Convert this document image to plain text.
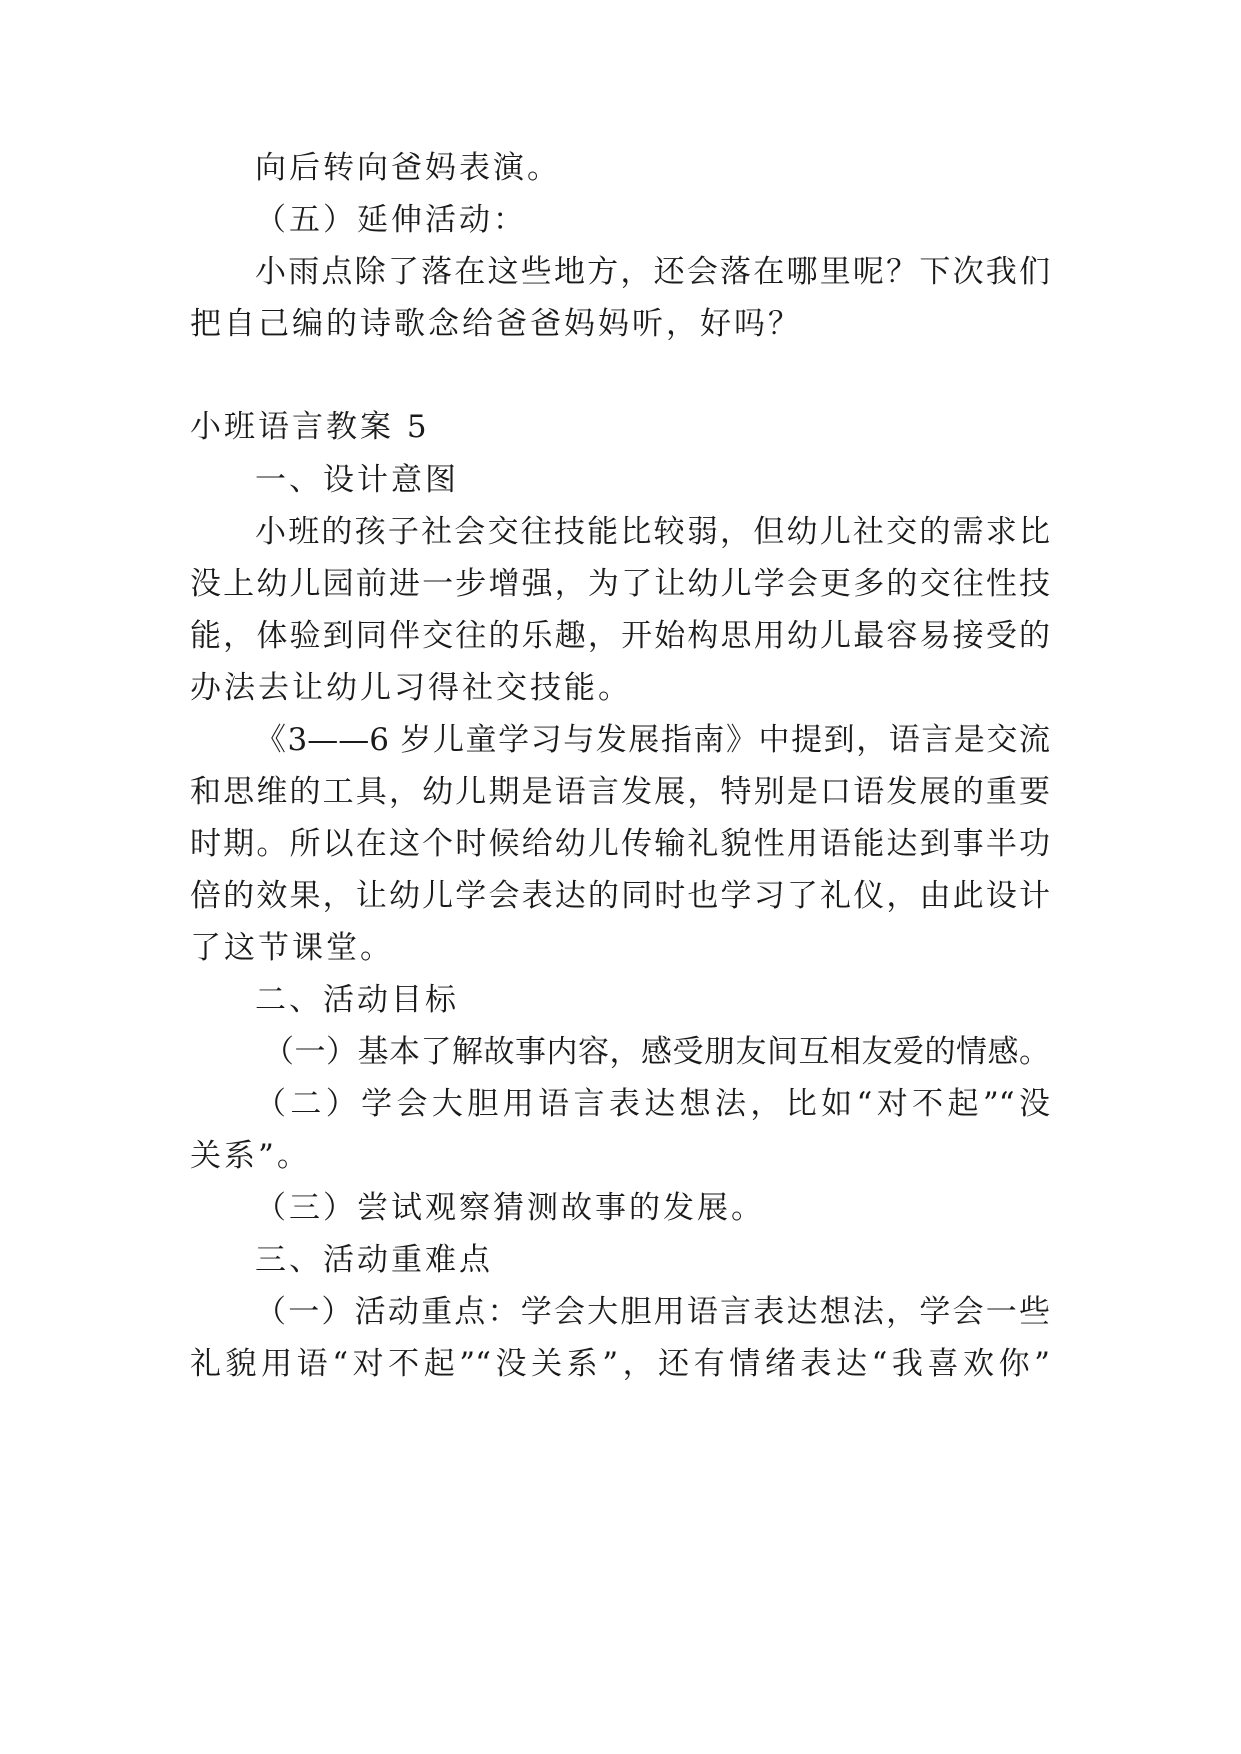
向后转向爸妈表演。
（五）延伸活动：
小雨点除了落在这些地方，还会落在哪里呢？下次我们
把自己编的诗歌念给爸爸妈妈听，好吗？
小班语言教案 5
一、设计意图
小班的孩子社会交往技能比较弱，但幼儿社交的需求比
没上幼儿园前进一步增强，为了让幼儿学会更多的交往性技
能，体验到同伴交往的乐趣，开始构思用幼儿最容易接受的
办法去让幼儿习得社交技能。
《3——6 岁儿童学习与发展指南》中提到，语言是交流
和思维的工具，幼儿期是语言发展，特别是口语发展的重要
时期。所以在这个时候给幼儿传输礼貌性用语能达到事半功
倍的效果，让幼儿学会表达的同时也学习了礼仪，由此设计
了这节课堂。
二、活动目标
（一）基本了解故事内容，感受朋友间互相友爱的情感。
（二）学会大胆用语言表达想法，比如“对不起”“没
关系”。
（三）尝试观察猜测故事的发展。
三、活动重难点
（一）活动重点：学会大胆用语言表达想法，学会一些
礼貌用语“对不起”“没关系”，还有情绪表达“我喜欢你”
